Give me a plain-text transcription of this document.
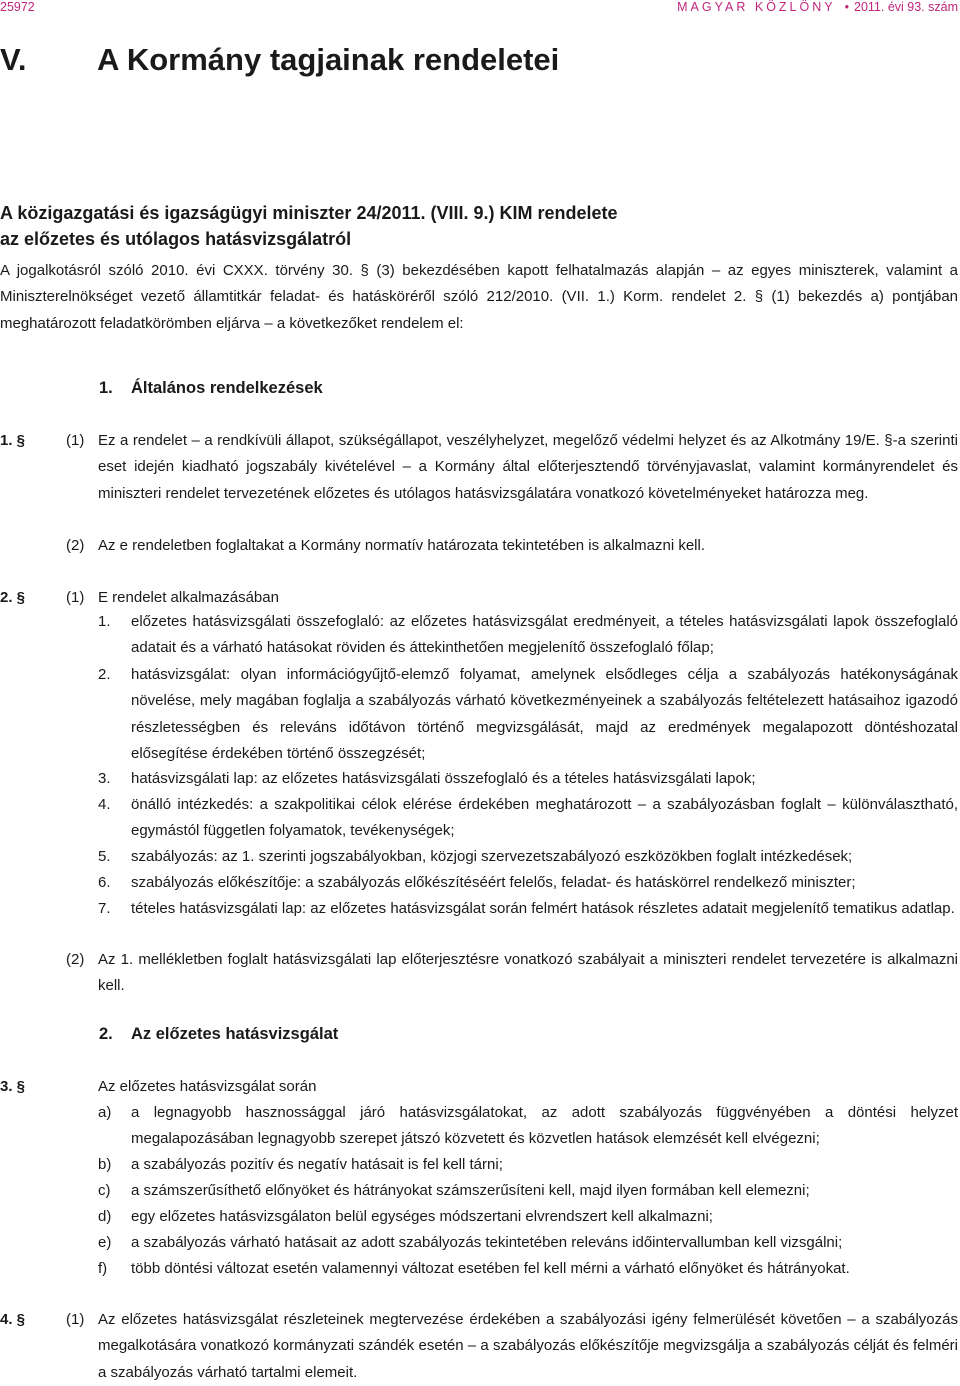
25972	MAGYAR KÖZLÖNY • 2011. évi 93. szám
V. A Kormány tagjainak rendeletei
A közigazgatási és igazságügyi miniszter 24/2011. (VIII. 9.) KIM rendelete
az előzetes és utólagos hatásvizsgálatról
A jogalkotásról szóló 2010. évi CXXX. törvény 30. § (3) bekezdésében kapott felhatalmazás alapján – az egyes miniszterek, valamint a Miniszterelnökséget vezető államtitkár feladat- és hatásköréről szóló 212/2010. (VII. 1.) Korm. rendelet 2. § (1) bekezdés a) pontjában meghatározott feladatkörömben eljárva – a következőket rendelem el:
1. Általános rendelkezések
1. §	(1) Ez a rendelet – a rendkívüli állapot, szükségállapot, veszélyhelyzet, megelőző védelmi helyzet és az Alkotmány 19/E. §-a szerinti eset idején kiadható jogszabály kivételével – a Kormány által előterjesztendő törvényjavaslat, valamint kormányrendelet és miniszteri rendelet tervezetének előzetes és utólagos hatásvizsgálatára vonatkozó követelményeket határozza meg.
(2) Az e rendeletben foglaltakat a Kormány normatív határozata tekintetében is alkalmazni kell.
2. §	(1) E rendelet alkalmazásában
1. előzetes hatásvizsgálati összefoglaló: az előzetes hatásvizsgálat eredményeit, a tételes hatásvizsgálati lapok összefoglaló adatait és a várható hatásokat röviden és áttekinthetően megjelenítő összefoglaló főlap;
2. hatásvizsgálat: olyan információgyűjtő-elemző folyamat, amelynek elsődleges célja a szabályozás hatékonyságának növelése, mely magában foglalja a szabályozás várható következményeinek a szabályozás feltételezett hatásaihoz igazodó részletességben és releváns időtávon történő megvizsgálását, majd az eredmények megalapozott döntéshozatal elősegítése érdekében történő összegzését;
3. hatásvizsgálati lap: az előzetes hatásvizsgálati összefoglaló és a tételes hatásvizsgálati lapok;
4. önálló intézkedés: a szakpolitikai célok elérése érdekében meghatározott – a szabályozásban foglalt – különválasztható, egymástól független folyamatok, tevékenységek;
5. szabályozás: az 1. szerinti jogszabályokban, közjogi szervezetszabályozó eszközökben foglalt intézkedések;
6. szabályozás előkészítője: a szabályozás előkészítéséért felelős, feladat- és hatáskörrel rendelkező miniszter;
7. tételes hatásvizsgálati lap: az előzetes hatásvizsgálat során felmért hatások részletes adatait megjelenítő tematikus adatlap.
(2) Az 1. mellékletben foglalt hatásvizsgálati lap előterjesztésre vonatkozó szabályait a miniszteri rendelet tervezetére is alkalmazni kell.
2. Az előzetes hatásvizsgálat
3. §	Az előzetes hatásvizsgálat során
a) a legnagyobb hasznossággal járó hatásvizsgálatokat, az adott szabályozás függvényében a döntési helyzet megalapozásában legnagyobb szerepet játszó közvetett és közvetlen hatások elemzését kell elvégezni;
b) a szabályozás pozitív és negatív hatásait is fel kell tárni;
c) a számszerűsíthető előnyöket és hátrányokat számszerűsíteni kell, majd ilyen formában kell elemezni;
d) egy előzetes hatásvizsgálaton belül egységes módszertani elvrendszert kell alkalmazni;
e) a szabályozás várható hatásait az adott szabályozás tekintetében releváns időintervallumban kell vizsgálni;
f) több döntési változat esetén valamennyi változat esetében fel kell mérni a várható előnyöket és hátrányokat.
4. §	(1) Az előzetes hatásvizsgálat részleteinek megtervezése érdekében a szabályozási igény felmerülését követően – a szabályozás megalkotására vonatkozó kormányzati szándék esetén – a szabályozás előkészítője megvizsgálja a szabályozás célját és felméri a szabályozás várható tartalmi elemeit.
